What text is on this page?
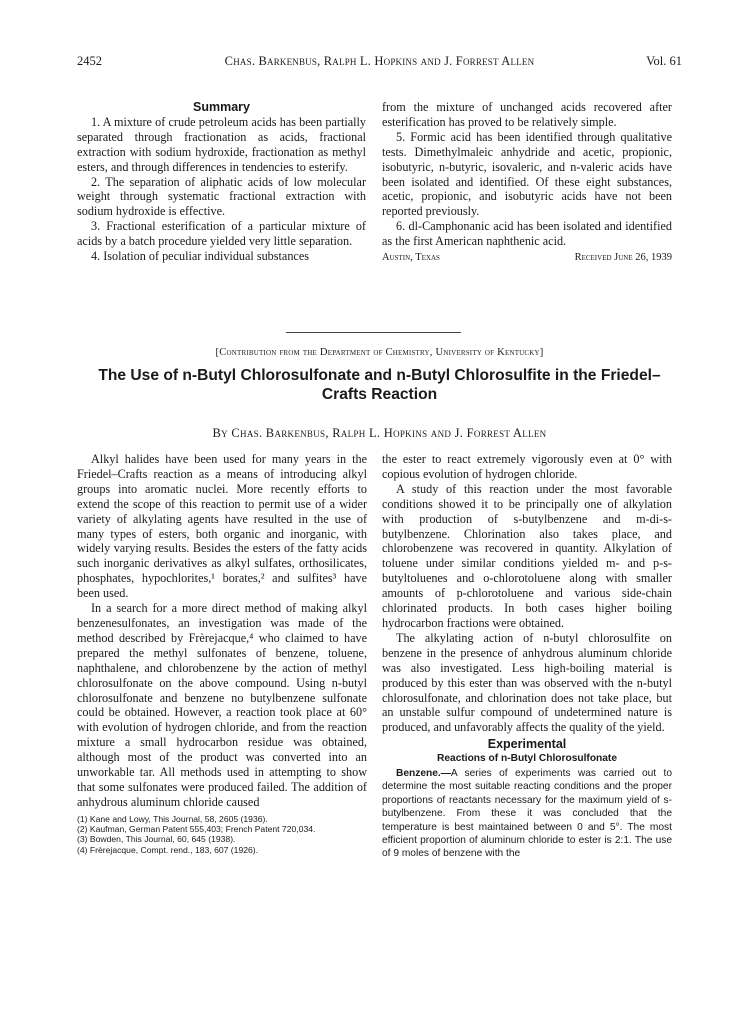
2452	Chas. Barkenbus, Ralph L. Hopkins and J. Forrest Allen	Vol. 61

Summary

1. A mixture of crude petroleum acids has been partially separated through fractionation as acids, fractional extraction with sodium hydroxide, fractionation as methyl esters, and through differences in tendencies to esterify.

2. The separation of aliphatic acids of low molecular weight through systematic fractional extraction with sodium hydroxide is effective.

3. Fractional esterification of a particular mixture of acids by a batch procedure yielded very little separation.

4. Isolation of peculiar individual substances

from the mixture of unchanged acids recovered after esterification has proved to be relatively simple.

5. Formic acid has been identified through qualitative tests. Dimethylmaleic anhydride and acetic, propionic, isobutyric, n-butyric, isovaleric, and n-valeric acids have been isolated and identified. Of these eight substances, acetic, propionic, and isobutyric acids have not been reported previously.

6. dl-Camphonanic acid has been isolated and identified as the first American naphthenic acid.

Austin, Texas	Received June 26, 1939
[Contribution from the Department of Chemistry, University of Kentucky]
The Use of n-Butyl Chlorosulfonate and n-Butyl Chlorosulfite in the Friedel–Crafts Reaction
By Chas. Barkenbus, Ralph L. Hopkins and J. Forrest Allen

Alkyl halides have been used for many years in the Friedel–Crafts reaction as a means of introducing alkyl groups into aromatic nuclei. More recently efforts to extend the scope of this reaction to permit use of a wider variety of alkylating agents have resulted in the use of many types of esters, both organic and inorganic, with widely varying results. Besides the esters of the fatty acids such inorganic derivatives as alkyl sulfates, orthosilicates, phosphates, hypochlorites,¹ borates,² and sulfites³ have been used.

In a search for a more direct method of making alkyl benzenesulfonates, an investigation was made of the method described by Frèrejacque,⁴ who claimed to have prepared the methyl sulfonates of benzene, toluene, naphthalene, and chlorobenzene by the action of methyl chlorosulfonate on the above compound. Using n-butyl chlorosulfonate and benzene no butylbenzene sulfonate could be obtained. However, a reaction took place at 60° with evolution of hydrogen chloride, and from the reaction mixture a small hydrocarbon residue was obtained, although most of the product was converted into an unworkable tar. All methods used in attempting to show that some sulfonates were produced failed. The addition of anhydrous aluminum chloride caused

(1) Kane and Lowy, This Journal, 58, 2605 (1936).

(2) Kaufman, German Patent 555,403; French Patent 720,034.

(3) Bowden, This Journal, 60, 645 (1938).

(4) Frèrejacque, Compt. rend., 183, 607 (1926).

the ester to react extremely vigorously even at 0° with copious evolution of hydrogen chloride.

A study of this reaction under the most favorable conditions showed it to be principally one of alkylation with production of s-butylbenzene and m-di-s-butylbenzene. Chlorination also takes place, and chlorobenzene was recovered in quantity. Alkylation of toluene under similar conditions yielded m- and p-s-butyltoluenes and o-chlorotoluene along with smaller amounts of p-chlorotoluene and various side-chain chlorinated products. In both cases higher boiling hydrocarbon fractions were obtained.

The alkylating action of n-butyl chlorosulfite on benzene in the presence of anhydrous aluminum chloride was also investigated. Less high-boiling material is produced by this ester than was observed with the n-butyl chlorosulfonate, and chlorination does not take place, but an unstable sulfur compound of undetermined nature is produced, and unfavorably affects the quality of the yield.

Experimental

Reactions of n-Butyl Chlorosulfonate

Benzene.—A series of experiments was carried out to determine the most suitable reacting conditions and the proper proportions of reactants necessary for the maximum yield of s-butylbenzene. From these it was concluded that the temperature is best maintained between 0 and 5°. The most efficient proportion of aluminum chloride to ester is 2:1. The use of 9 moles of benzene with the
